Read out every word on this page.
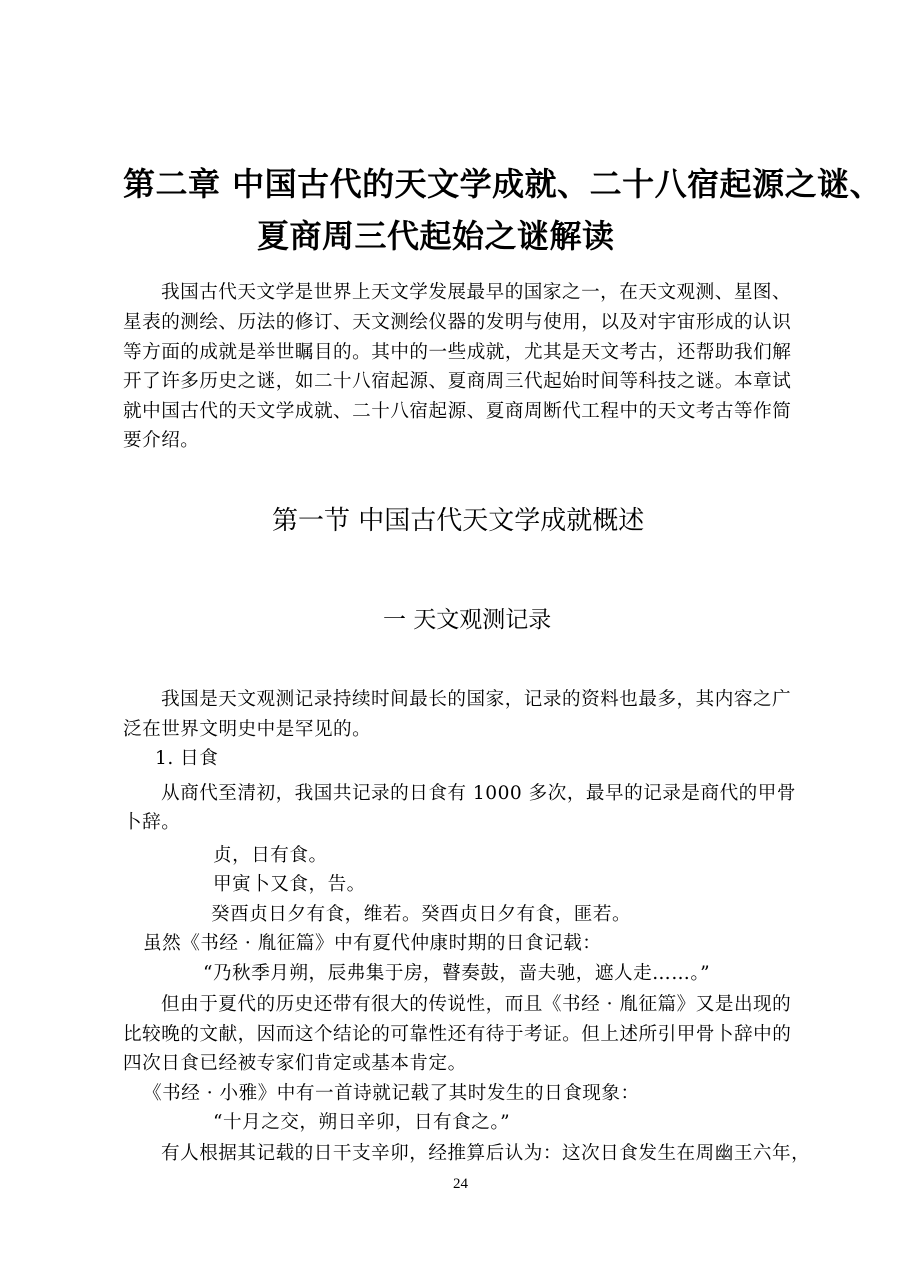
第二章 中国古代的天文学成就、二十八宿起源之谜、
夏商周三代起始之谜解读
我国古代天文学是世界上天文学发展最早的国家之一，在天文观测、星图、
星表的测绘、历法的修订、天文测绘仪器的发明与使用，以及对宇宙形成的认识
等方面的成就是举世瞩目的。其中的一些成就，尤其是天文考古，还帮助我们解
开了许多历史之谜，如二十八宿起源、夏商周三代起始时间等科技之谜。本章试
就中国古代的天文学成就、二十八宿起源、夏商周断代工程中的天文考古等作简
要介绍。
第一节 中国古代天文学成就概述
一 天文观测记录
我国是天文观测记录持续时间最长的国家，记录的资料也最多，其内容之广
泛在世界文明史中是罕见的。
1. 日食
从商代至清初，我国共记录的日食有 1000 多次，最早的记录是商代的甲骨
卜辞。
贞，日有食。
甲寅卜又食，告。
癸酉贞日夕有食，维若。癸酉贞日夕有食，匪若。
虽然《书经 · 胤征篇》中有夏代仲康时期的日食记载：
“乃秋季月朔，辰弗集于房，瞽奏鼓，啬夫驰，遮人走……。”
但由于夏代的历史还带有很大的传说性，而且《书经 · 胤征篇》又是出现的
比较晚的文献，因而这个结论的可靠性还有待于考证。但上述所引甲骨卜辞中的
四次日食已经被专家们肯定或基本肯定。
《书经 · 小雅》中有一首诗就记载了其时发生的日食现象：
“十月之交，朔日辛卯，日有食之。”
有人根据其记载的日干支辛卯，经推算后认为：这次日食发生在周幽王六年，
24
